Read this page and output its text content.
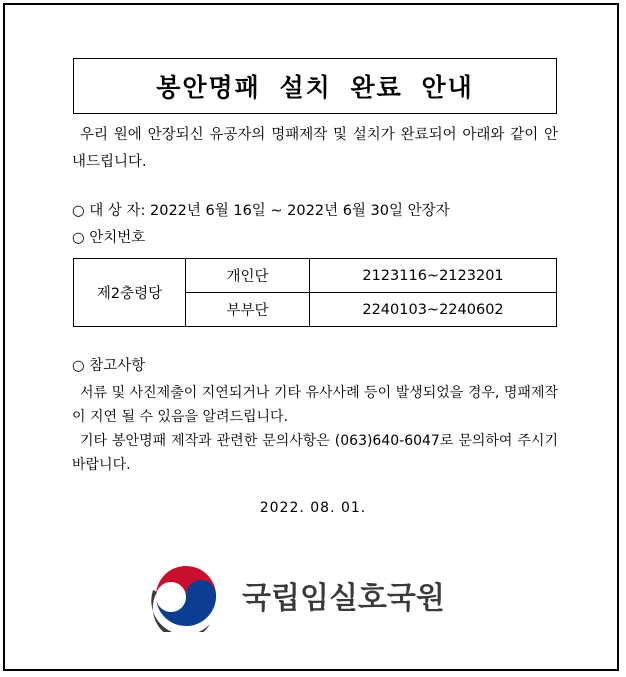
봉안명패 설치 완료 안내

우리 원에 안장되신 유공자의 명패제작 및 설치가 완료되어 아래와 같이 안내드립니다.

○ 대 상 자: 2022년 6월 16일 ~ 2022년 6월 30일 안장자
○ 안치번호
제2충령당	개인단	2123116~2123201
	부부단	2240103~2240602
○ 참고사항

서류 및 사진제출이 지연되거나 기타 유사사례 등이 발생되었을 경우, 명패제작이 지연 될 수 있음을 알려드립니다.

기타 봉안명패 제작과 관련한 문의사항은 (063)640-6047로 문의하여 주시기 바랍니다.

2022. 08. 01.
국립임실호국원
